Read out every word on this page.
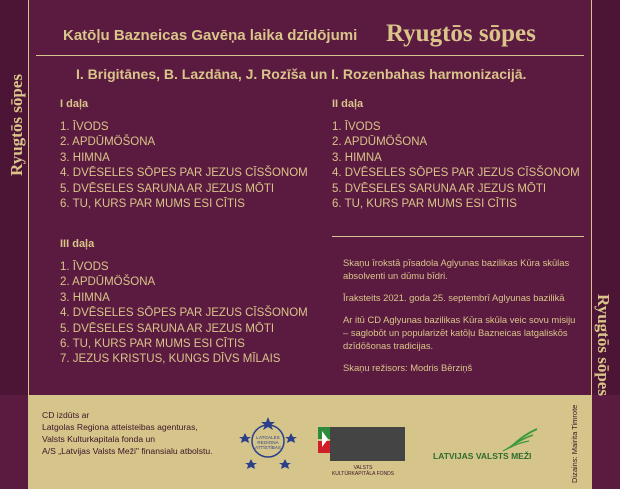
Ryugtōs sōpes
Ryugtōs sōpes
Katōļu Bazneicas Gavēņa laika dzīdōjumi Ryugtōs sōpes
I. Brigitānes, B. Lazdāna, J. Rozīša un I. Rozenbahas harmonizacijā.
I daļa
1. ĪVODS
2. APDŪMÖŠONA
3. HIMNA
4. DVĒSELES SŌPES PAR JEZUS CĪSŠONOM
5. DVĒSELES SARUNA AR JEZUS MŌTI
6. TU, KURS PAR MUMS ESI CĪTIS
II daļa
1. ĪVODS
2. APDŪMÖŠONA
3. HIMNA
4. DVĒSELES SŌPES PAR JEZUS CĪSŠONOM
5. DVĒSELES SARUNA AR JEZUS MŌTI
6. TU, KURS PAR MUMS ESI CĪTIS
III daļa
1. ĪVODS
2. APDŪMÖŠONA
3. HIMNA
4. DVĒSELES SŌPES PAR JEZUS CĪSŠONOM
5. DVĒSELES SARUNA AR JEZUS MŌTI
6. TU, KURS PAR MUMS ESI CĪTIS
7. JEZUS KRISTUS, KUNGS DĪVS MĪLAIS

Skaņu īrokstā pīsadola Aglyunas bazilikas Kūra skūlas absolventi un dūmu bīdri.

Īraksteits 2021. goda 25. septembrī Aglyunas bazilikā

Ar itū CD Aglyunas bazilikas Kūra skūla veic sovu misiju – saglobōt un popularizēt katōļu Bazneicas latgaliskōs dzīdōšonas tradicijas.

Skaņu režisors: Modris Bērziņš

CD izdūts ar
Latgolas Regiona atteisteibas agenturas,
Valsts Kulturkapitala fonda un
A/S „Latvijas Valsts Meži" finansialu atbolstu.
LATGALES
REGIONA
ATTĪSTĪBAS
VALSTS
KULTŪRKAPITĀLA FONDS
LATVIJAS VALSTS MEŽI	Dizains: Mairita Timrote
